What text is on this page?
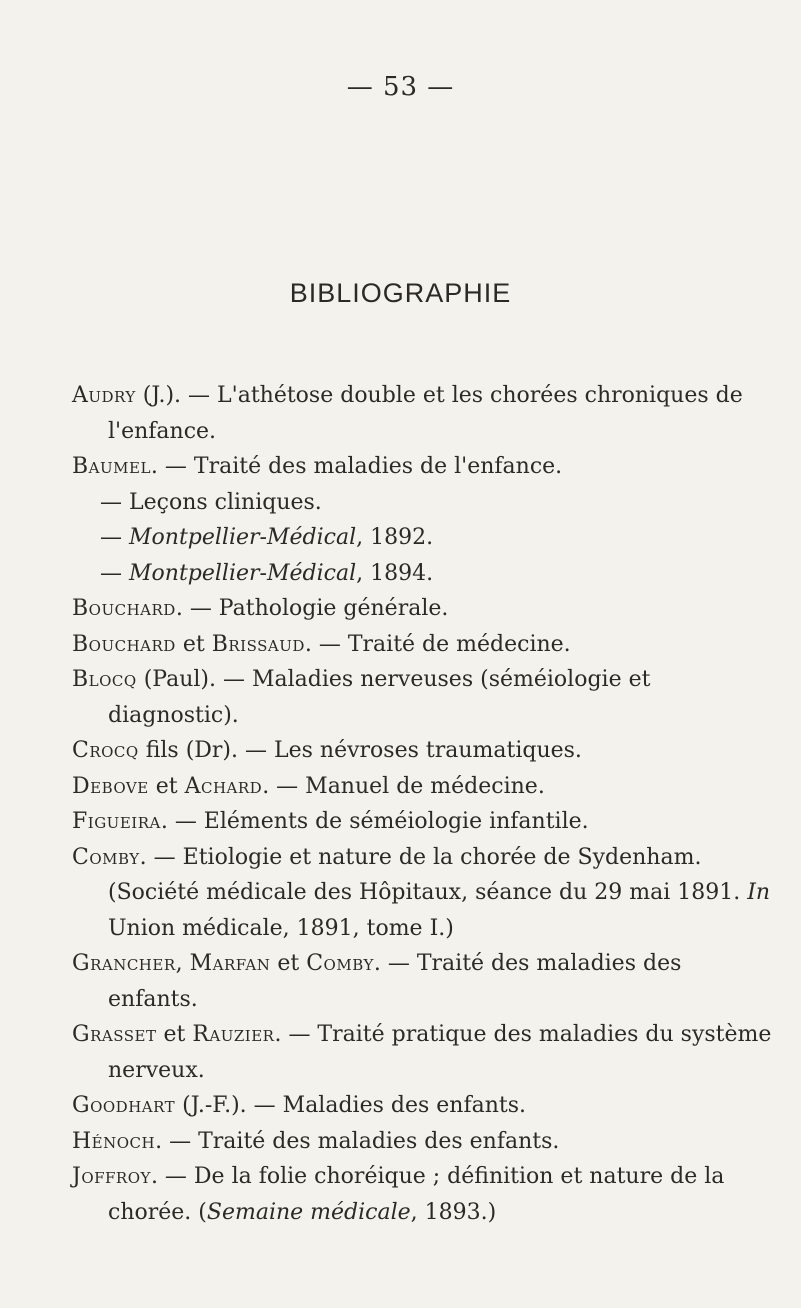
— 53 —
BIBLIOGRAPHIE

Audry (J.). — L'athétose double et les chorées chroniques de l'enfance.

Baumel. — Traité des maladies de l'enfance.

— Leçons cliniques.

— Montpellier-Médical, 1892.

— Montpellier-Médical, 1894.

Bouchard. — Pathologie générale.

Bouchard et Brissaud. — Traité de médecine.

Blocq (Paul). — Maladies nerveuses (séméiologie et diagnostic).

Crocq fils (Dr). — Les névroses traumatiques.

Debove et Achard. — Manuel de médecine.

Figueira. — Eléments de séméiologie infantile.

Comby. — Etiologie et nature de la chorée de Sydenham. (Société médicale des Hôpitaux, séance du 29 mai 1891. In Union médicale, 1891, tome I.)

Grancher, Marfan et Comby. — Traité des maladies des enfants.

Grasset et Rauzier. — Traité pratique des maladies du système nerveux.

Goodhart (J.-F.). — Maladies des enfants.

Hénoch. — Traité des maladies des enfants.

Joffroy. — De la folie choréique ; définition et nature de la chorée. (Semaine médicale, 1893.)
